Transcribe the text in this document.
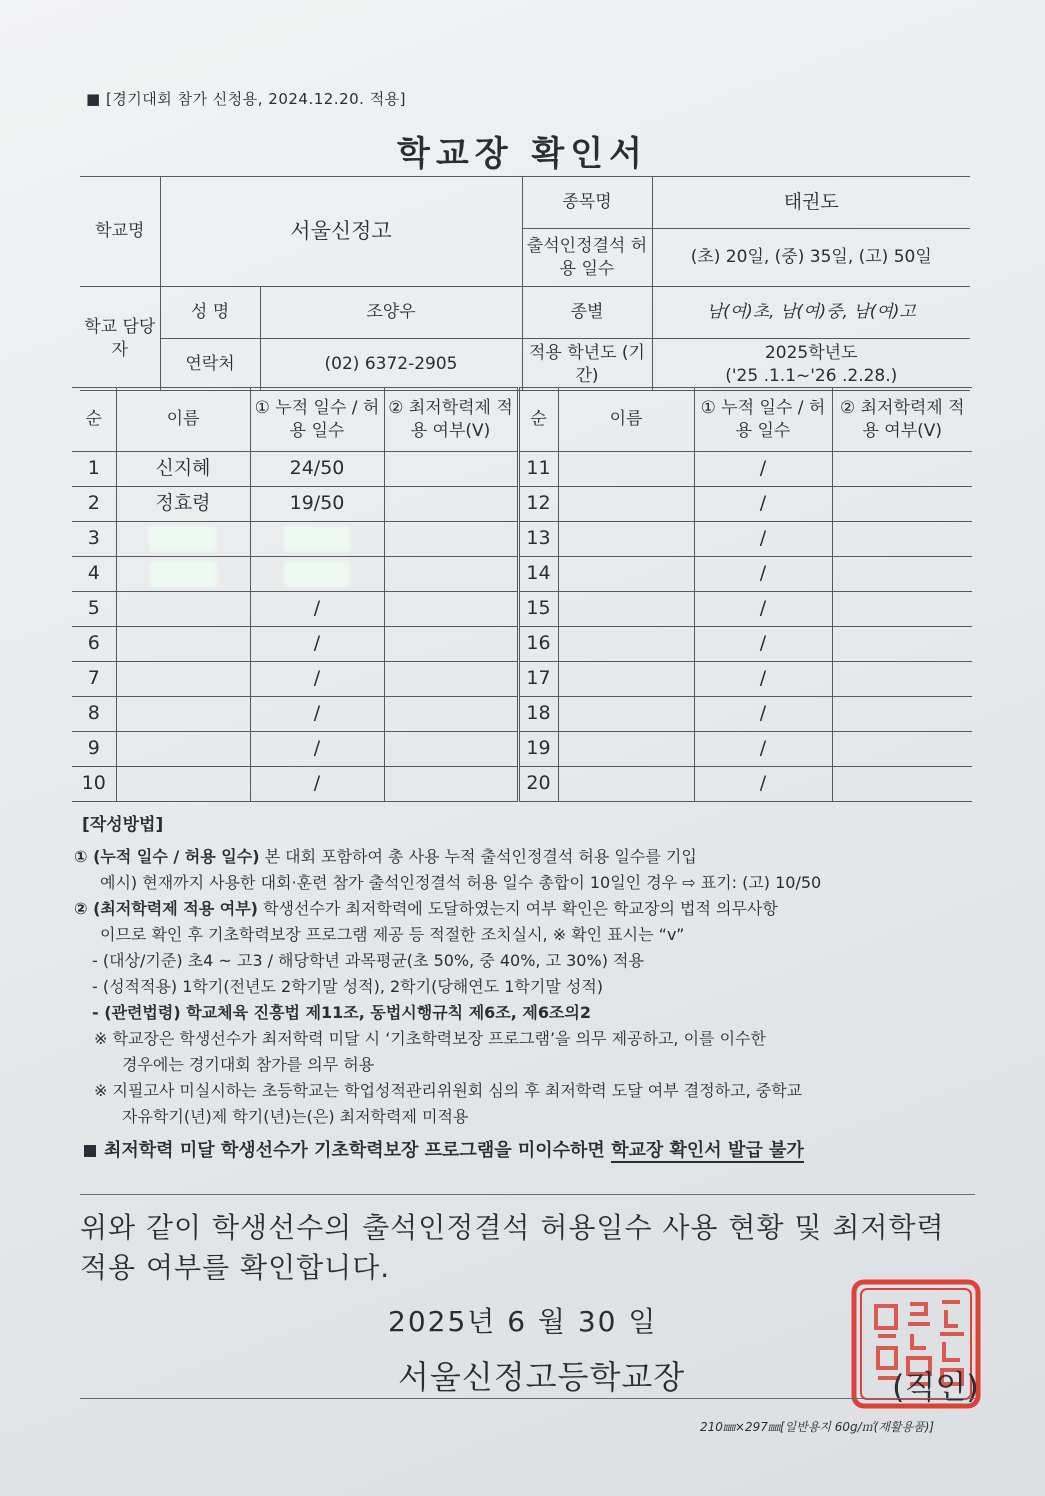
■ [경기대회 참가 신청용, 2024.12.20. 적용]
학교장 확인서
학교명	서울신정고		종목명	태권도
			출석인정결석 허용 일수	(초) 20일, (중) 35일, (고) 50일
학교 담당자	성 명	조양우	종별	남(여)초, 남(여)중, 남(여)고
	연락처	(02) 6372-2905	적용 학년도 (기간)	2025학년도
('25 .1.1~'26 .2.28.)
순	이름	① 누적 일수 / 허용 일수	② 최저학력제 적용 여부(V)	순	이름	① 누적 일수 / 허용 일수	② 최저학력제 적용 여부(V)
1	신지혜	24/50		11		/	
2	정효령	19/50		12		/	
3				13		/	
4				14		/	
5		/		15		/	
6		/		16		/	
7		/		17		/	
8		/		18		/	
9		/		19		/	
10		/		20		/	
[작성방법]
① (누적 일수 / 허용 일수) 본 대회 포함하여 총 사용 누적 출석인정결석 허용 일수를 기입
예시) 현재까지 사용한 대회·훈련 참가 출석인정결석 허용 일수 총합이 10일인 경우 ⇨ 표기: (고) 10/50
② (최저학력제 적용 여부) 학생선수가 최저학력에 도달하였는지 여부 확인은 학교장의 법적 의무사항
이므로 확인 후 기초학력보장 프로그램 제공 등 적절한 조치실시, ※ 확인 표시는 “v”
- (대상/기준) 초4 ~ 고3 / 해당학년 과목평균(초 50%, 중 40%, 고 30%) 적용
- (성적적용) 1학기(전년도 2학기말 성적), 2학기(당해연도 1학기말 성적)
- (관련법령) 학교체육 진흥법 제11조, 동법시행규칙 제6조, 제6조의2
※ 학교장은 학생선수가 최저학력 미달 시 ‘기초학력보장 프로그램’을 의무 제공하고, 이를 이수한
경우에는 경기대회 참가를 의무 허용
※ 지필고사 미실시하는 초등학교는 학업성적관리위원회 심의 후 최저학력 도달 여부 결정하고, 중학교
자유학기(년)제 학기(년)는(은) 최저학력제 미적용
최저학력 미달 학생선수가 기초학력보장 프로그램을 미이수하면 학교장 확인서 발급 불가
위와 같이 학생선수의 출석인정결석 허용일수 사용 현황 및 최저학력 적용 여부를 확인합니다.
2025년 6 월 30 일
서울신정고등학교장	(직인)
210㎜×297㎜[일반용지 60g/㎡(재활용품)]
